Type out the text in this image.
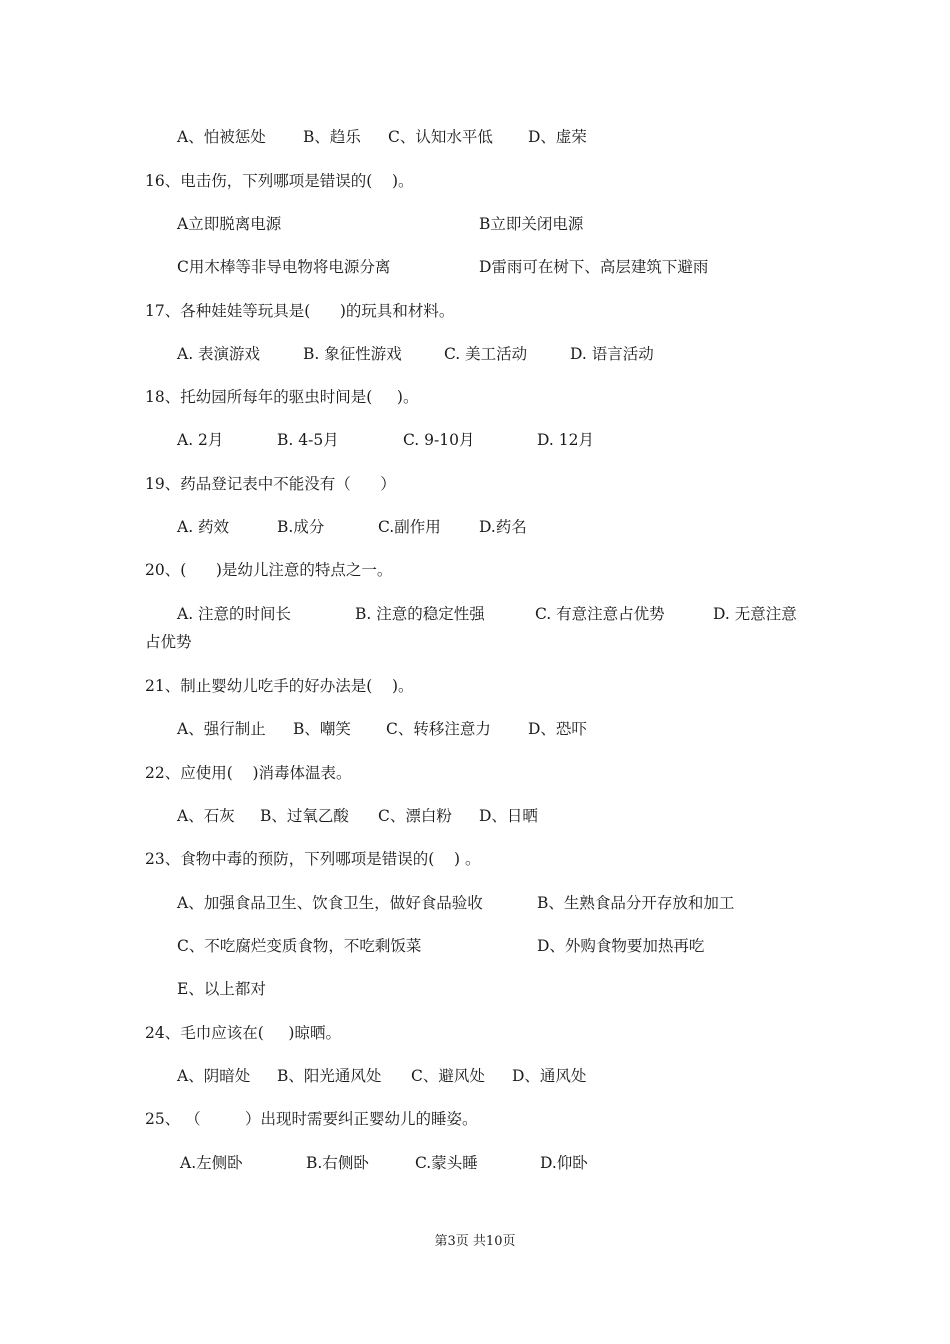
A、怕被惩处 B、趋乐 C、认知水平低 D、虚荣
16、电击伤，下列哪项是错误的(    )。
A立即脱离电源	B立即关闭电源
C用木棒等非导电物将电源分离	D雷雨可在树下、高层建筑下避雨
17、各种娃娃等玩具是(      )的玩具和材料。
A. 表演游戏	B. 象征性游戏	C. 美工活动	D. 语言活动
18、托幼园所每年的驱虫时间是(     )。
A. 2月	B. 4-5月	C. 9-10月	D. 12月
19、药品登记表中不能没有（      ）
A. 药效	B.成分	C.副作用 D.药名
20、(      )是幼儿注意的特点之一。
A. 注意的时间长	B. 注意的稳定性强	C. 有意注意占优势	D. 无意注意
占优势
21、制止婴幼儿吃手的好办法是(    )。
A、强行制止 B、嘲笑 C、转移注意力 D、恐吓
22、应使用(    )消毒体温表。
A、石灰 B、过氧乙酸 C、漂白粉 D、日晒
23、食物中毒的预防，下列哪项是错误的(    ) 。
A、加强食品卫生、饮食卫生，做好食品验收	B、生熟食品分开存放和加工
C、不吃腐烂变质食物，不吃剩饭菜	D、外购食物要加热再吃
E、以上都对
24、毛巾应该在(     )晾晒。
A、阴暗处 B、阳光通风处 C、避风处 D、通风处
25、 （         ）出现时需要纠正婴幼儿的睡姿。
A.左侧卧	B.右侧卧	C.蒙头睡	D.仰卧
第3页 共10页
